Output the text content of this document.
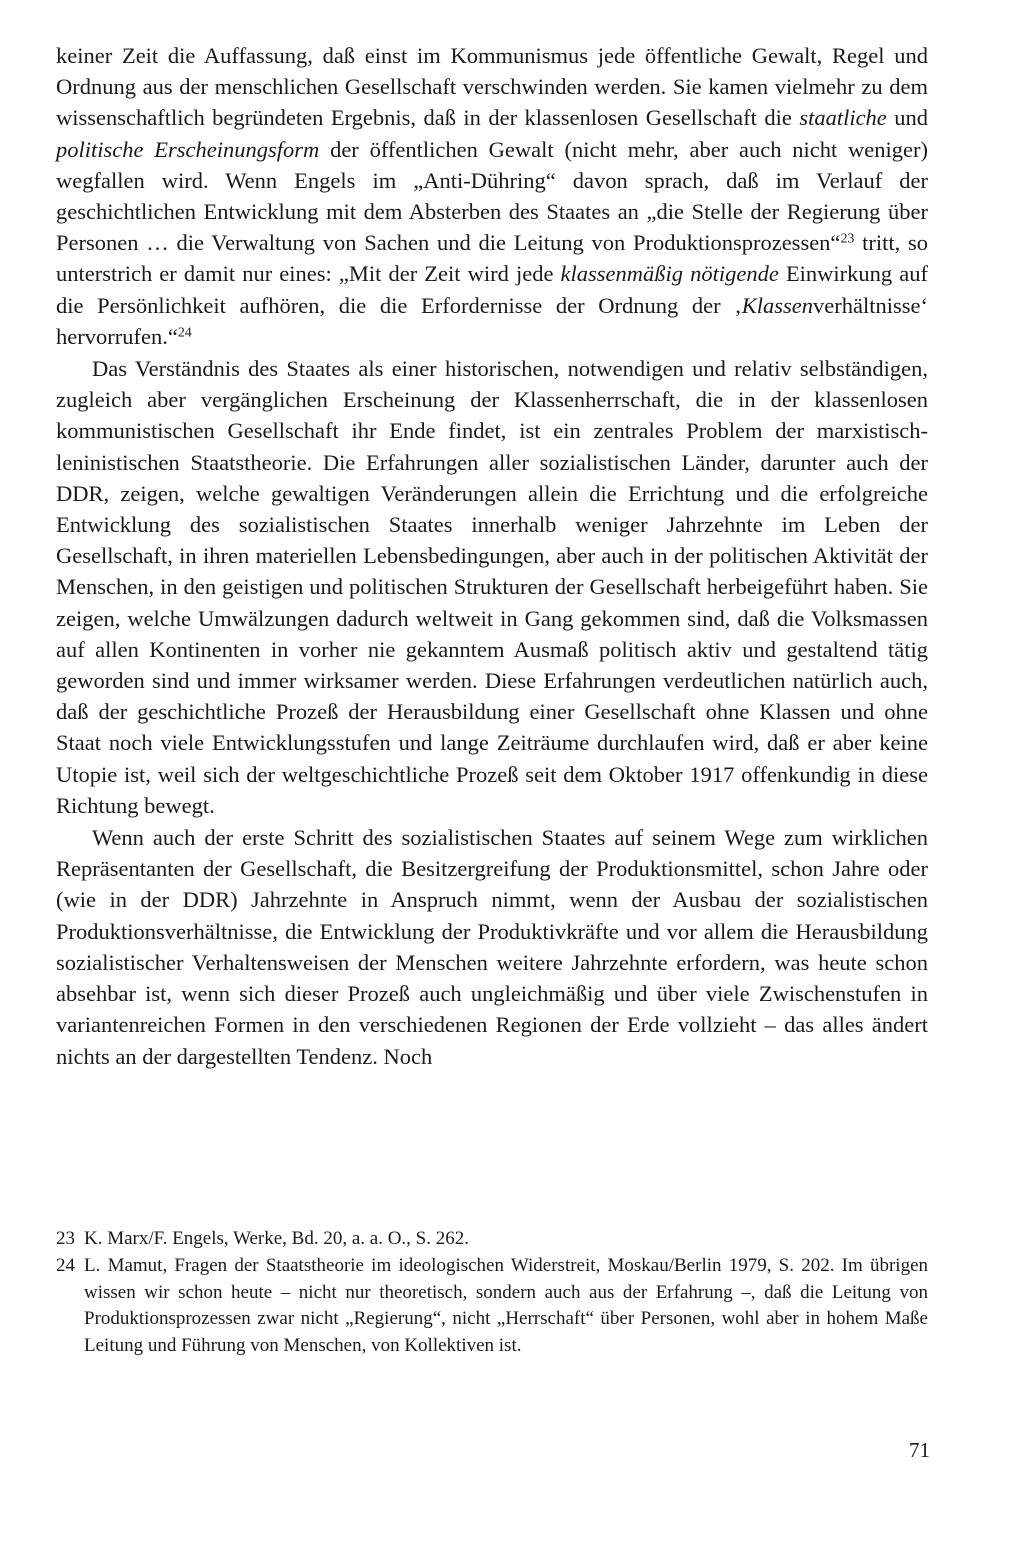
keiner Zeit die Auffassung, daß einst im Kommunismus jede öffentliche Gewalt, Regel und Ordnung aus der menschlichen Gesellschaft verschwinden werden. Sie kamen vielmehr zu dem wissenschaftlich begründeten Ergebnis, daß in der klassenlosen Gesellschaft die staatliche und politische Erscheinungsform der öffentlichen Gewalt (nicht mehr, aber auch nicht weniger) wegfallen wird. Wenn Engels im „Anti-Dühring“ davon sprach, daß im Verlauf der geschichtlichen Entwicklung mit dem Absterben des Staates an „die Stelle der Regierung über Personen … die Verwaltung von Sachen und die Leitung von Produktionsprozessen“$^{23}$ tritt, so unterstrich er damit nur eines: „Mit der Zeit wird jede klassenmäßig nötigende Einwirkung auf die Persönlichkeit aufhören, die die Erfordernisse der Ordnung der ‚Klassenverhältnisse‘ hervorrufen.“$^{24}$

Das Verständnis des Staates als einer historischen, notwendigen und relativ selbständigen, zugleich aber vergänglichen Erscheinung der Klassenherrschaft, die in der klassenlosen kommunistischen Gesellschaft ihr Ende findet, ist ein zentrales Problem der marxistisch-leninistischen Staatstheorie. Die Erfahrungen aller sozialistischen Länder, darunter auch der DDR, zeigen, welche gewaltigen Veränderungen allein die Errichtung und die erfolgreiche Entwicklung des sozialistischen Staates innerhalb weniger Jahrzehnte im Leben der Gesellschaft, in ihren materiellen Lebensbedingungen, aber auch in der politischen Aktivität der Menschen, in den geistigen und politischen Strukturen der Gesellschaft herbeigeführt haben. Sie zeigen, welche Umwälzungen dadurch weltweit in Gang gekommen sind, daß die Volksmassen auf allen Kontinenten in vorher nie gekanntem Ausmaß politisch aktiv und gestaltend tätig geworden sind und immer wirksamer werden. Diese Erfahrungen verdeutlichen natürlich auch, daß der geschichtliche Prozeß der Herausbildung einer Gesellschaft ohne Klassen und ohne Staat noch viele Entwicklungsstufen und lange Zeiträume durchlaufen wird, daß er aber keine Utopie ist, weil sich der weltgeschichtliche Prozeß seit dem Oktober 1917 offenkundig in diese Richtung bewegt.

Wenn auch der erste Schritt des sozialistischen Staates auf seinem Wege zum wirklichen Repräsentanten der Gesellschaft, die Besitzergreifung der Produktionsmittel, schon Jahre oder (wie in der DDR) Jahrzehnte in Anspruch nimmt, wenn der Ausbau der sozialistischen Produktionsverhältnisse, die Entwicklung der Produktivkräfte und vor allem die Herausbildung sozialistischer Verhaltensweisen der Menschen weitere Jahrzehnte erfordern, was heute schon absehbar ist, wenn sich dieser Prozeß auch ungleichmäßig und über viele Zwischenstufen in variantenreichen Formen in den verschiedenen Regionen der Erde vollzieht – das alles ändert nichts an der dargestellten Tendenz. Noch

23 K. Marx/F. Engels, Werke, Bd. 20, a. a. O., S. 262.
24 L. Mamut, Fragen der Staatstheorie im ideologischen Widerstreit, Moskau/Berlin 1979, S. 202. Im übrigen wissen wir schon heute – nicht nur theoretisch, sondern auch aus der Erfahrung –, daß die Leitung von Produktionsprozessen zwar nicht „Regierung“, nicht „Herrschaft“ über Personen, wohl aber in hohem Maße Leitung und Führung von Menschen, von Kollektiven ist.
71
